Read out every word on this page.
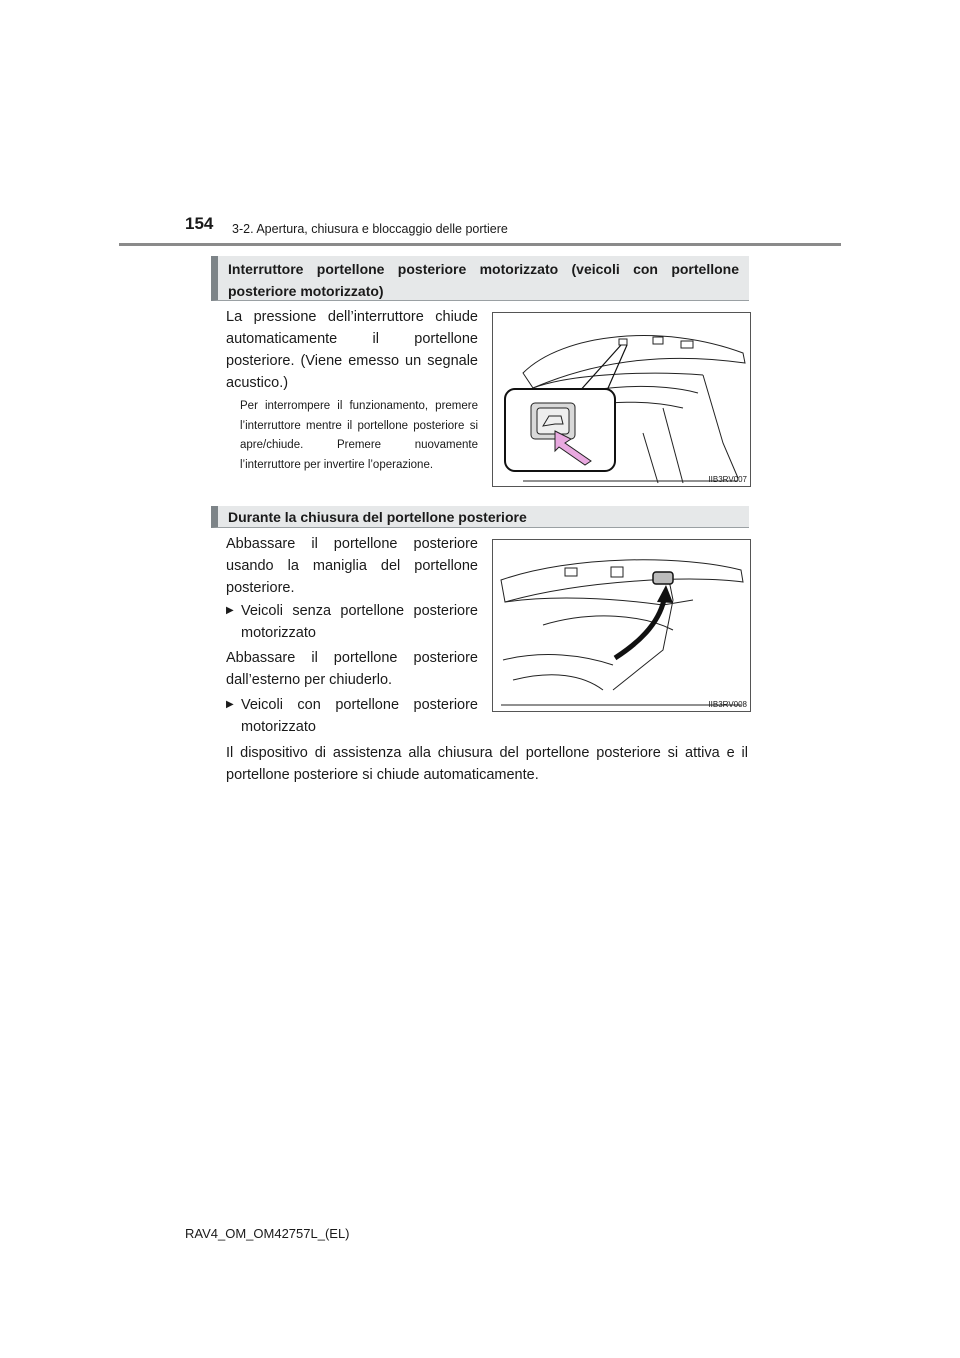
154 3-2. Apertura, chiusura e bloccaggio delle portiere
Interruttore portellone posteriore motorizzato (veicoli con portellone posteriore motorizzato)
La pressione dell’interruttore chiude automaticamente il portellone posteriore. (Viene emesso un segnale acustico.)
Per interrompere il funzionamento, premere l’interruttore mentre il portellone posteriore si apre/chiude. Premere nuovamente l’interruttore per invertire l’operazione.
IIB3RV007
Durante la chiusura del portellone posteriore
Abbassare il portellone posteriore usando la maniglia del portellone posteriore.
▶ Veicoli senza portellone posteriore motorizzato
Abbassare il portellone posteriore dall’esterno per chiuderlo.
▶ Veicoli con portellone posteriore motorizzato
IIB3RV008
Il dispositivo di assistenza alla chiusura del portellone posteriore si attiva e il portellone posteriore si chiude automaticamente.
RAV4_OM_OM42757L_(EL)
